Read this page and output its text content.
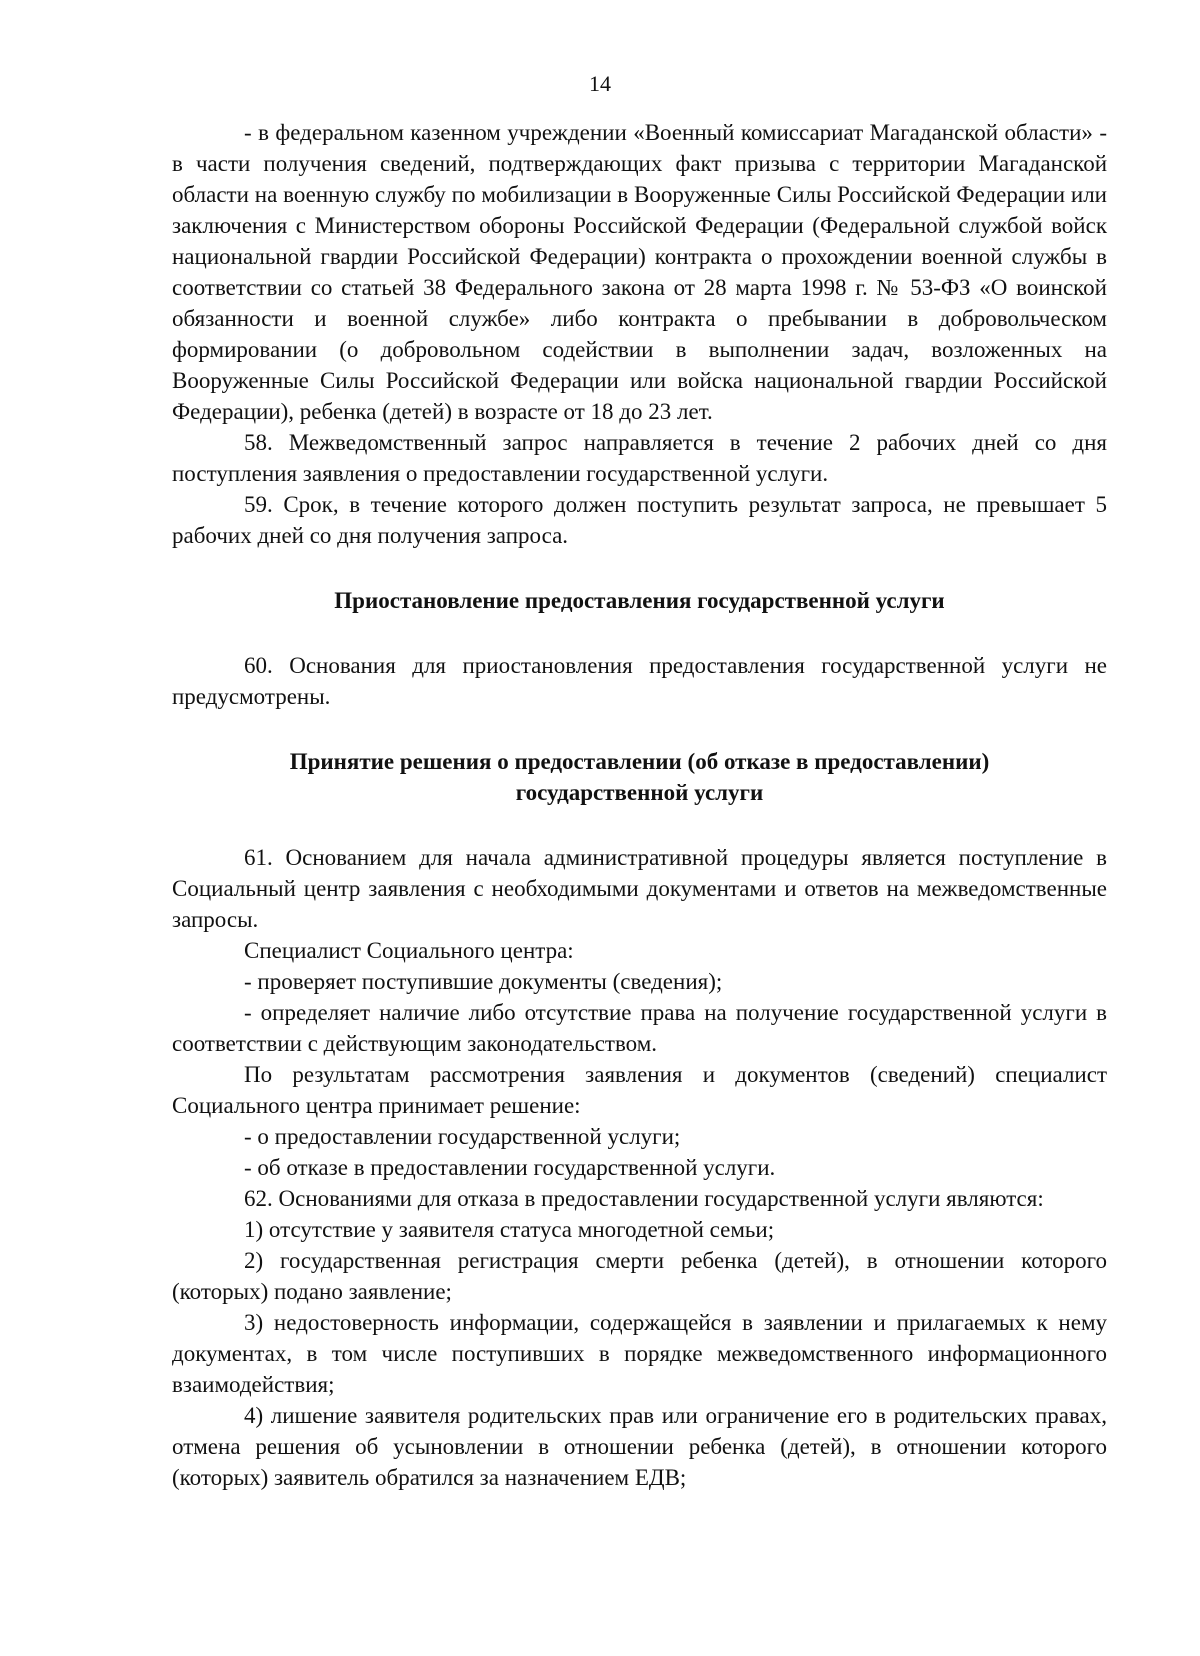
14

- в федеральном казенном учреждении «Военный комиссариат Магаданской области» - в части получения сведений, подтверждающих факт призыва с территории Магаданской области на военную службу по мобилизации в Вооруженные Силы Российской Федерации или заключения с Министерством обороны Российской Федерации (Федеральной службой войск национальной гвардии Российской Федерации) контракта о прохождении военной службы в соответствии со статьей 38 Федерального закона от 28 марта 1998 г. № 53-ФЗ «О воинской обязанности и военной службе» либо контракта о пребывании в добровольческом формировании (о добровольном содействии в выполнении задач, возложенных на Вооруженные Силы Российской Федерации или войска национальной гвардии Российской Федерации), ребенка (детей) в возрасте от 18 до 23 лет.

58. Межведомственный запрос направляется в течение 2 рабочих дней со дня поступления заявления о предоставлении государственной услуги.

59. Срок, в течение которого должен поступить результат запроса, не превышает 5 рабочих дней со дня получения запроса.

Приостановление предоставления государственной услуги

60. Основания для приостановления предоставления государственной услуги не предусмотрены.

Принятие решения о предоставлении (об отказе в предоставлении)
государственной услуги

61. Основанием для начала административной процедуры является поступление в Социальный центр заявления с необходимыми документами и ответов на межведомственные запросы.

Специалист Социального центра:

- проверяет поступившие документы (сведения);

- определяет наличие либо отсутствие права на получение государственной услуги в соответствии с действующим законодательством.

По результатам рассмотрения заявления и документов (сведений) специалист Социального центра принимает решение:

- о предоставлении государственной услуги;

- об отказе в предоставлении государственной услуги.

62. Основаниями для отказа в предоставлении государственной услуги являются:

1) отсутствие у заявителя статуса многодетной семьи;

2) государственная регистрация смерти ребенка (детей), в отношении которого (которых) подано заявление;

3) недостоверность информации, содержащейся в заявлении и прилагаемых к нему документах, в том числе поступивших в порядке межведомственного информационного взаимодействия;

4) лишение заявителя родительских прав или ограничение его в родительских правах, отмена решения об усыновлении в отношении ребенка (детей), в отношении которого (которых) заявитель обратился за назначением ЕДВ;
